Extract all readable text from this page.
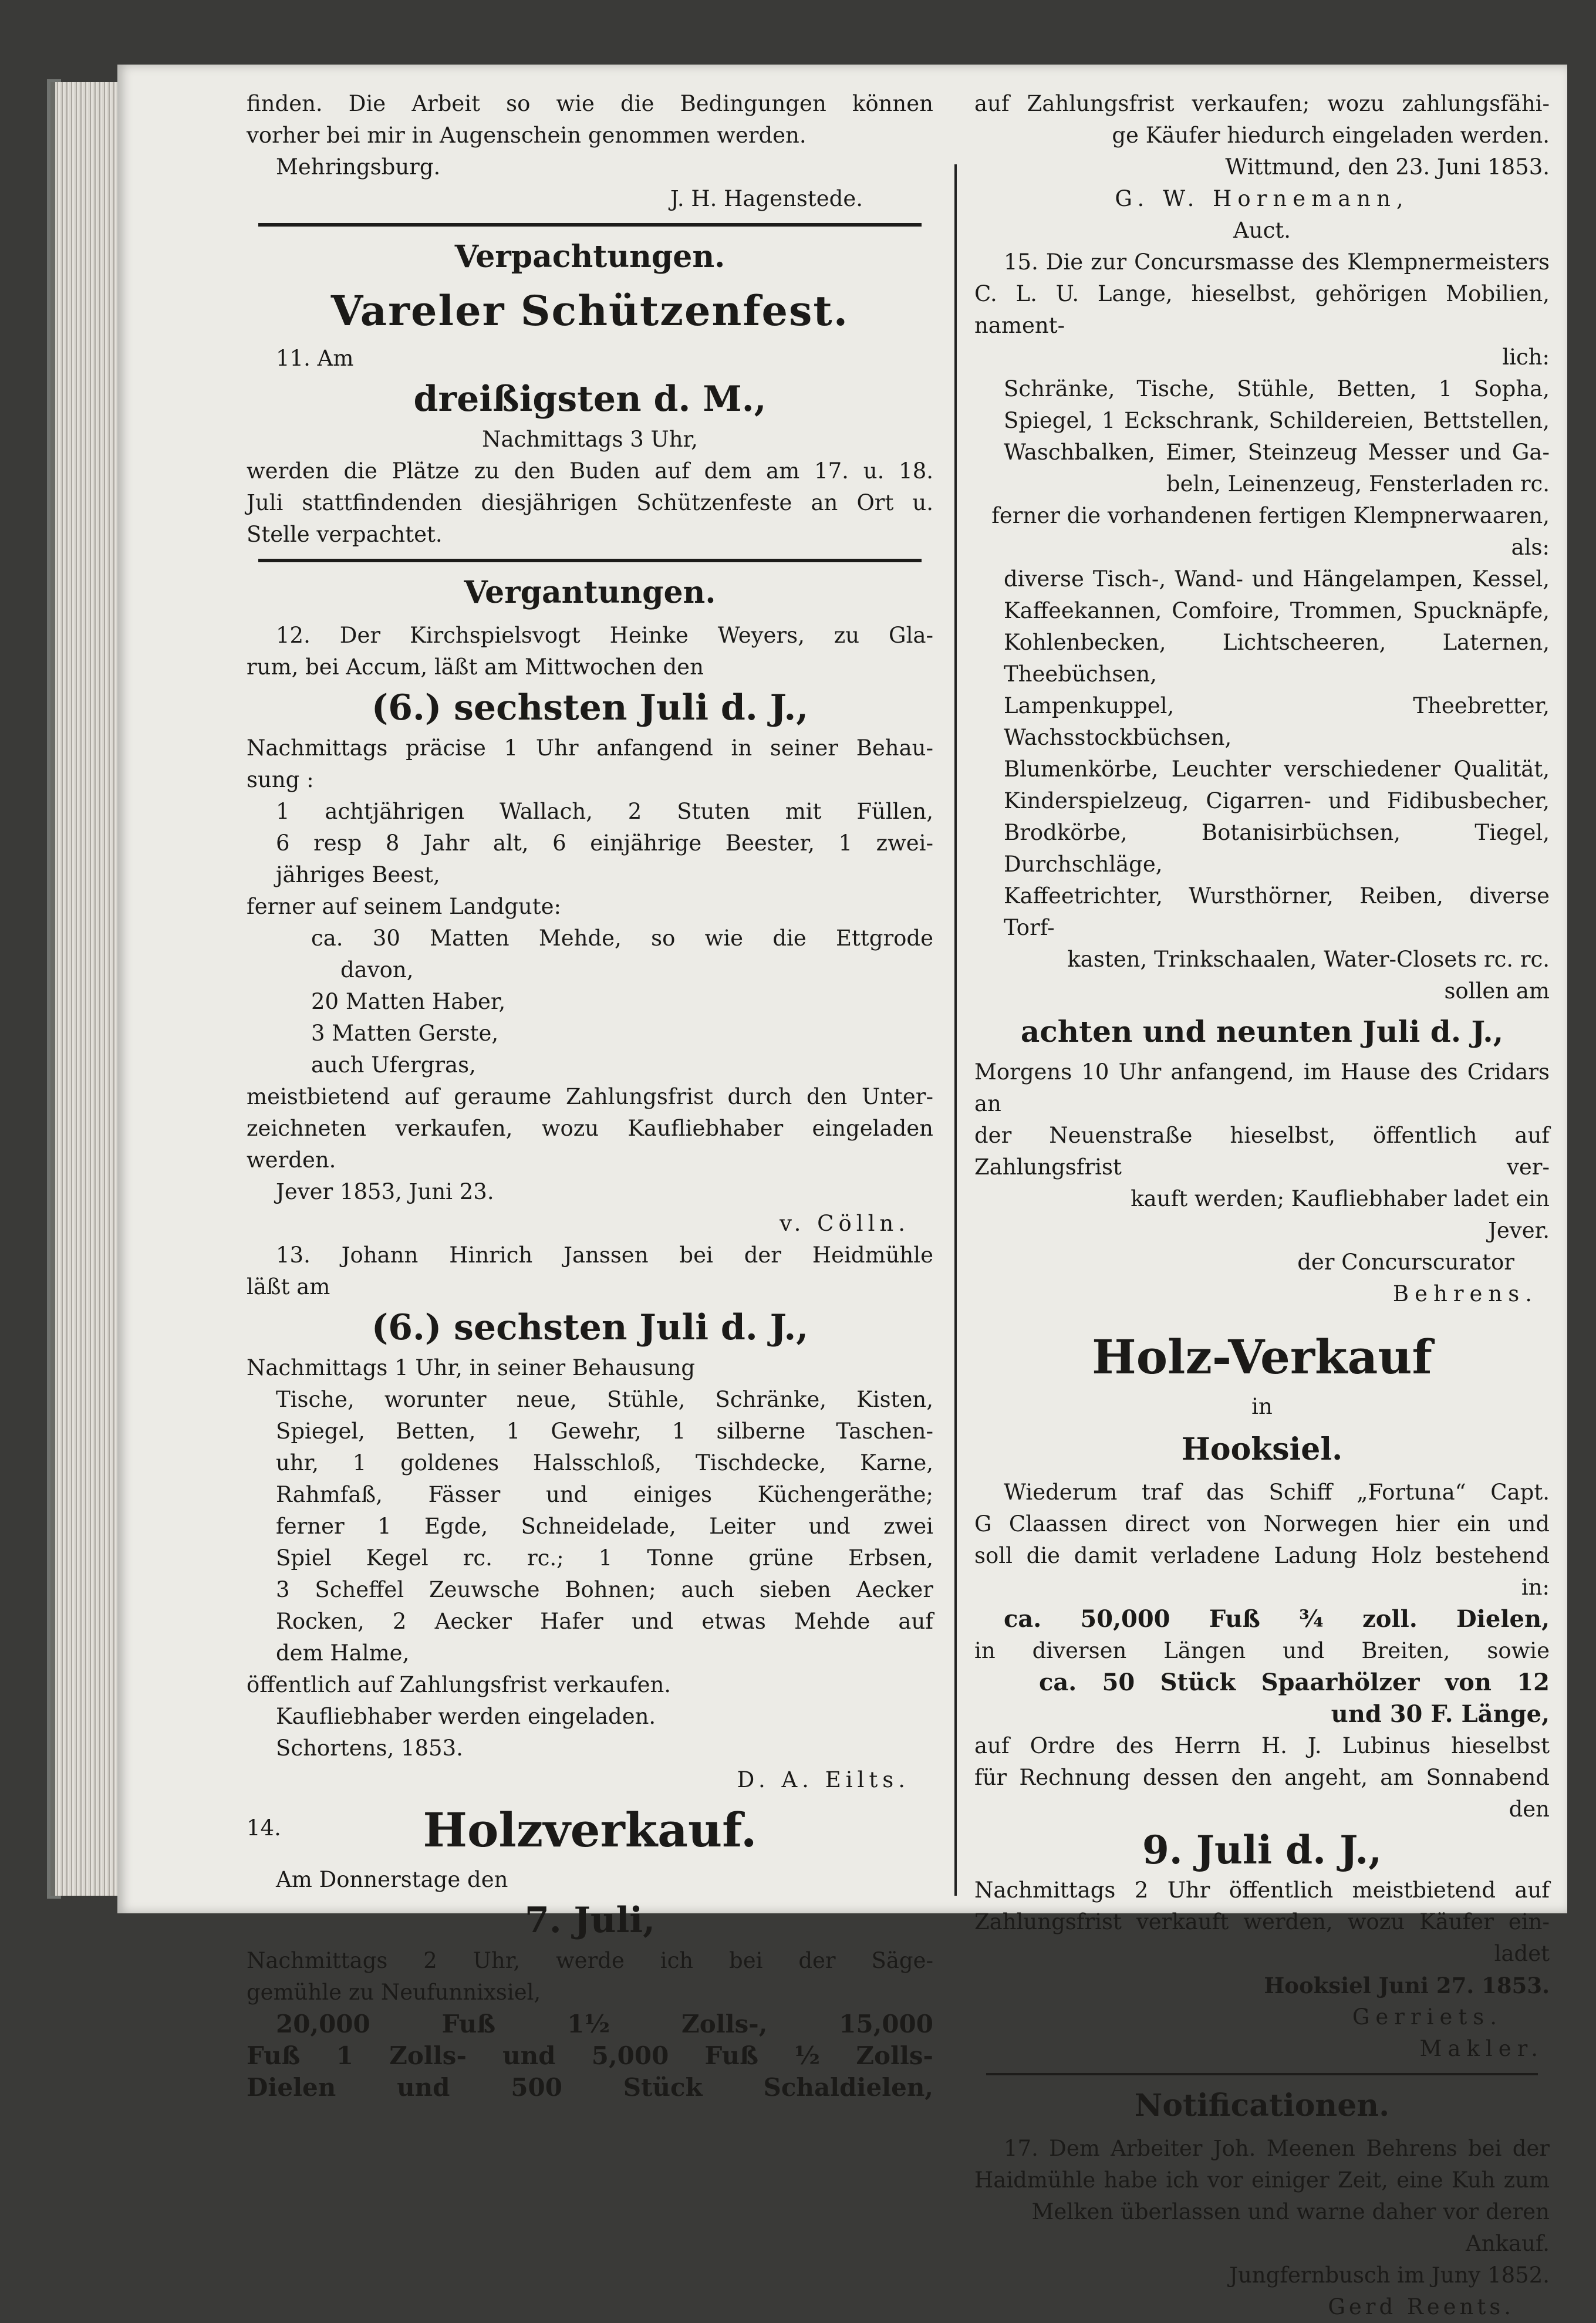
finden. Die Arbeit so wie die Bedingungen können

vorher bei mir in Augenschein genommen werden.

Mehringsburg.

J. H. Hagenstede.

Verpachtungen.
Vareler Schützenfest.

11. Am

dreißigsten d. M.,

Nachmittags 3 Uhr,

werden die Plätze zu den Buden auf dem am 17. u. 18.

Juli stattfindenden diesjährigen Schützenfeste an Ort u.

Stelle verpachtet.

Vergantungen.

12. Der Kirchspielsvogt Heinke Weyers, zu Gla-

rum, bei Accum, läßt am Mittwochen den

(6.) sechsten Juli d. J.,

Nachmittags präcise 1 Uhr anfangend in seiner Behau-

sung :

1 achtjährigen Wallach, 2 Stuten mit Füllen,

6 resp 8 Jahr alt, 6 einjährige Beester, 1 zwei-

jähriges Beest,

ferner auf seinem Landgute:

ca. 30 Matten Mehde, so wie die Ettgrode

davon,

20 Matten Haber,

3 Matten Gerste,

auch Ufergras,

meistbietend auf geraume Zahlungsfrist durch den Unter-

zeichneten verkaufen, wozu Kaufliebhaber eingeladen

werden.

Jever 1853, Juni 23.

v. Cölln.

13. Johann Hinrich Janssen bei der Heidmühle

läßt am

(6.) sechsten Juli d. J.,

Nachmittags 1 Uhr, in seiner Behausung

Tische, worunter neue, Stühle, Schränke, Kisten,

Spiegel, Betten, 1 Gewehr, 1 silberne Taschen-

uhr, 1 goldenes Halsschloß, Tischdecke, Karne,

Rahmfaß, Fässer und einiges Küchengeräthe;

ferner 1 Egde, Schneidelade, Leiter und zwei

Spiel Kegel rc. rc.; 1 Tonne grüne Erbsen,

3 Scheffel Zeuwsche Bohnen; auch sieben Aecker

Rocken, 2 Aecker Hafer und etwas Mehde auf

dem Halme,

öffentlich auf Zahlungsfrist verkaufen.

Kaufliebhaber werden eingeladen.

Schortens, 1853.

D. A. Eilts.

14.	Holzverkauf.

Am Donnerstage den

7. Juli,

Nachmittags 2 Uhr, werde ich bei der Säge-

gemühle zu Neufunnixsiel,

20,000 Fuß 1½ Zolls-, 15,000

Fuß 1 Zolls- und 5,000 Fuß ½ Zolls-

Dielen und 500 Stück Schaldielen,

auf Zahlungsfrist verkaufen; wozu zahlungsfähi-

ge Käufer hiedurch eingeladen werden.

Wittmund, den 23. Juni 1853.

G. W. Hornemann,

Auct.

15. Die zur Concursmasse des Klempnermeisters

C. L. U. Lange, hieselbst, gehörigen Mobilien, nament-

lich:

Schränke, Tische, Stühle, Betten, 1 Sopha,

Spiegel, 1 Eckschrank, Schildereien, Bettstellen,

Waschbalken, Eimer, Steinzeug Messer und Ga-

beln, Leinenzeug, Fensterladen rc.

ferner die vorhandenen fertigen Klempnerwaaren, als:

diverse Tisch-, Wand- und Hängelampen, Kessel,

Kaffeekannen, Comfoire, Trommen, Spucknäpfe,

Kohlenbecken, Lichtscheeren, Laternen, Theebüchsen,

Lampenkuppel, Theebretter, Wachsstockbüchsen,

Blumenkörbe, Leuchter verschiedener Qualität,

Kinderspielzeug, Cigarren- und Fidibusbecher,

Brodkörbe, Botanisirbüchsen, Tiegel, Durchschläge,

Kaffeetrichter, Wursthörner, Reiben, diverse Torf-

kasten, Trinkschaalen, Water-Closets rc. rc.

sollen am

achten und neunten Juli d. J.,

Morgens 10 Uhr anfangend, im Hause des Cridars an

der Neuenstraße hieselbst, öffentlich auf Zahlungsfrist ver-

kauft werden; Kaufliebhaber ladet ein

Jever.

der Concurscurator

Behrens.

Holz-Verkauf

in

Hooksiel.

Wiederum traf das Schiff „Fortuna“ Capt.

G Claassen direct von Norwegen hier ein und

soll die damit verladene Ladung Holz bestehend

in:

ca. 50,000 Fuß ¾ zoll. Dielen,

in diversen Längen und Breiten, sowie

ca. 50 Stück Spaarhölzer von 12

und 30 F. Länge,

auf Ordre des Herrn H. J. Lubinus hieselbst

für Rechnung dessen den angeht, am Sonnabend

den

9. Juli d. J.,

Nachmittags 2 Uhr öffentlich meistbietend auf

Zahlungsfrist verkauft werden, wozu Käufer ein-

ladet

Hooksiel Juni 27. 1853.

Gerriets.

Makler.

Notificationen.

17. Dem Arbeiter Joh. Meenen Behrens bei der

Haidmühle habe ich vor einiger Zeit, eine Kuh zum

Melken überlassen und warne daher vor deren Ankauf.

Jungfernbusch im Juny 1852.

Gerd Reents.
